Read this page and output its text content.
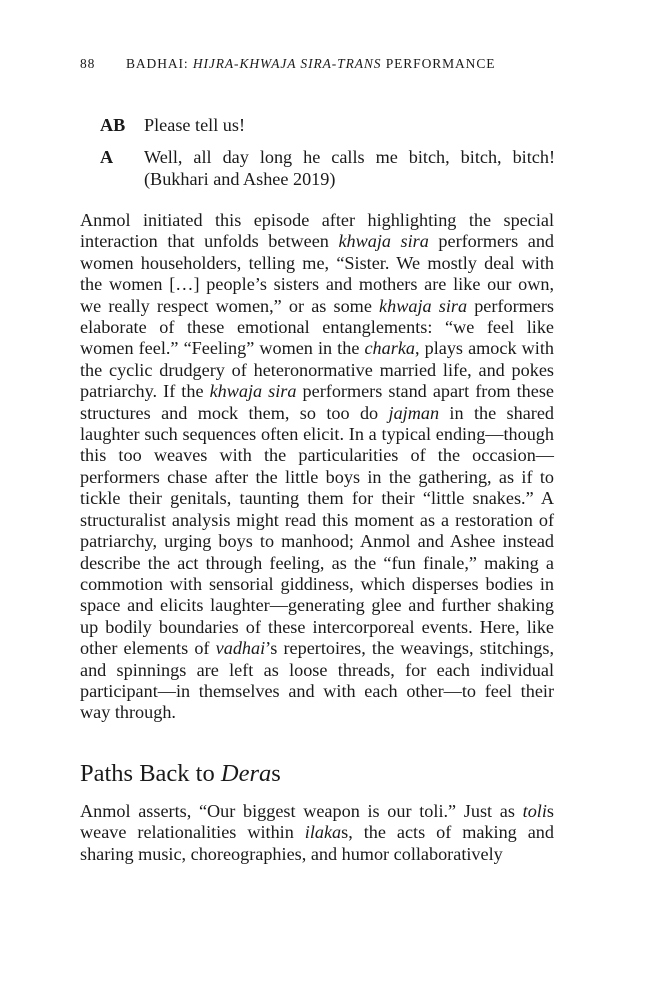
88 BADHAI: HIJRA-KHWAJA SIRA-TRANS PERFORMANCE
AB	Please tell us!
A	Well, all day long he calls me bitch, bitch, bitch! (Bukhari and Ashee 2019)

Anmol initiated this episode after highlighting the special interaction that unfolds between khwaja sira performers and women householders, telling me, “Sister. We mostly deal with the women […] people’s sisters and mothers are like our own, we really respect women,” or as some khwaja sira performers elaborate of these emotional entanglements: “we feel like women feel.” “Feeling” women in the charka, plays amock with the cyclic drudgery of heteronormative married life, and pokes patriarchy. If the khwaja sira performers stand apart from these structures and mock them, so too do jajman in the shared laughter such sequences often elicit. In a typical ending—though this too weaves with the particularities of the occasion—performers chase after the little boys in the gathering, as if to tickle their genitals, taunting them for their “little snakes.” A structuralist analysis might read this moment as a restoration of patriarchy, urging boys to manhood; Anmol and Ashee instead describe the act through feeling, as the “fun finale,” making a commotion with sensorial giddiness, which disperses bodies in space and elicits laughter—generating glee and further shaking up bodily boundaries of these intercorporeal events. Here, like other elements of vadhai’s repertoires, the weavings, stitchings, and spinnings are left as loose threads, for each individual participant—in themselves and with each other—to feel their way through.

Paths Back to Deras

Anmol asserts, “Our biggest weapon is our toli.” Just as tolis weave relationalities within ilakas, the acts of making and sharing music, choreographies, and humor collaboratively
